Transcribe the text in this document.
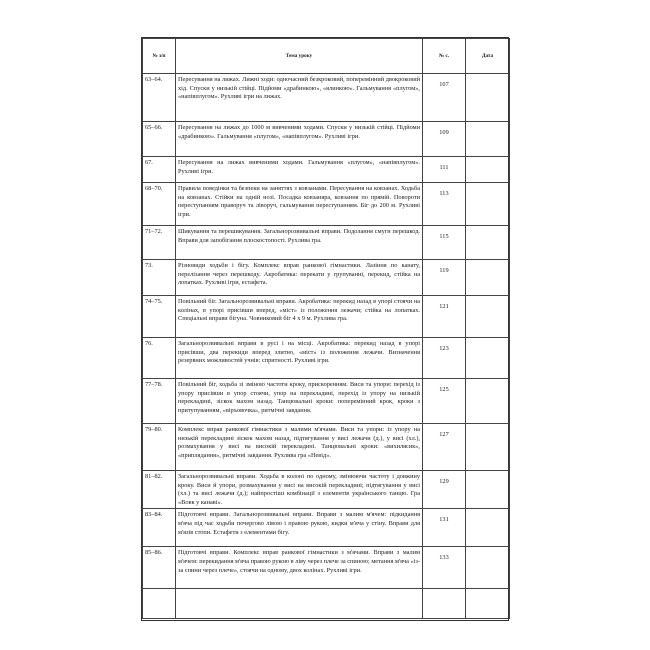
№ з/п	Тема уроку	№ с.	Дата
63–64.	Пересування на лижах. Лижні ходи: одночасний безкроковий, поперемінний двокроковий хід. Спуски у низькій стійці. Підйоми «драбинкою», «ялинкою». Гальмування «плугом», «напівплугом». Рухливі ігри на лижах.	107	
65–66.	Пересування на лижах до 1000 м вивченими ходами. Спуски у низькій стійці. Підйоми «драбинкою». Гальмування «плугом», «напівплугом». Рухливі ігри.	109	
67.	Пересування на лижах вивченими ходами. Гальмування «плугом», «напівплугом». Рухливі ігри.	111	
68–70.	Правила поведінки та безпеки на заняттях з ковзанами. Пересування на ковзанах. Ходьба на ковзанах. Стійки на одній нозі. Посадка ковзаняра, ковзання по прямій. Повороти переступанням праворуч та ліворуч, гальмування переступанням. Біг до 200 м. Рухливі ігри.	113	
71–72.	Шикування та перешикування. Загальнорозвивальні вправи. Подолання смуги перешкод. Вправи для запобігання плоскостопості. Рухлива гра.	115	
73.	Різновиди ходьби і бігу. Комплекс вправ ранкової гімнастики. Лазіння по канату, перелізання через перешкоду. Акробатика: перекати у групуванні, перекид, стійка на лопатках. Рухливі ігри, естафета.	119	
74–75.	Повільний біг. Загальнорозвивальні вправи. Акробатика: перекид назад в упорі стоячи на колінах, в упорі присівши вперед, «міст» із положення лежачи; стійка на лопатках. Спеціальні вправи бігуна. Човниковий біг 4 х 9 м. Рухлива гра.	121	
76.	Загальнорозвивальні вправи в русі і на місці. Акробатика: перекид назад в упорі присівши, два перекиди вперед злитно, «міст» із положення лежачи. Визначення резервних можливостей учнів: спритності. Рухливі ігри.	123	
77–78.	Повільний біг, ходьба зі зміною частоти кроку, прискоренням. Виси та упори: перехід із упору присівши в упор стоячи, упор на перекладині, перехід із упору на низькій перекладині, зіскок махом назад. Танцювальні кроки: поперемінний крок, кроки з притупуванням, «віръовочка», ритмічні завдання.	125	
79–80.	Комплекс вправ ранкової гімнастики з малими м'ячами. Виси та упори: із упору на низькій перекладині зіскок махом назад, підтягування у висі лежачи (д.), у висі (хл.), розмахування у висі на високій перекладині. Танцювальні кроки: «вихилясик», «приплядання», ритмічні завдання. Рухлива гра «Невід».	127	
81–82.	Загальнорозвивальні вправи. Ходьба в колоні по одному, змінюючи частоту і довжину кроку. Виси й упори, розмахування у висі на високій перекладині; підтягування у висі (хл.) та висі лежачи (д.); найпростіші комбінації з елементів українського танцю. Гра «Вовк у канаві».	129	
83–84.	Підготовчі вправи. Загальнорозвивальні вправи. Вправи з малим м'ячем: підкидання м'яча під час ходьби почергово лівою і правою рукою, кидки м'яча у стіну. Вправи для м'язів стопи. Естафети з елементами бігу.	131	
85–86.	Підготовчі вправи. Комплекс вправ ранкової гімнастики з м'ячами. Вправи з малим м'ячем: перекидання м'яча правою рукою в ліву через плече за спиною; метання м'яча «із-за спини через плече», стоячи на одному, двох колінах. Рухливі ігри.	133	
